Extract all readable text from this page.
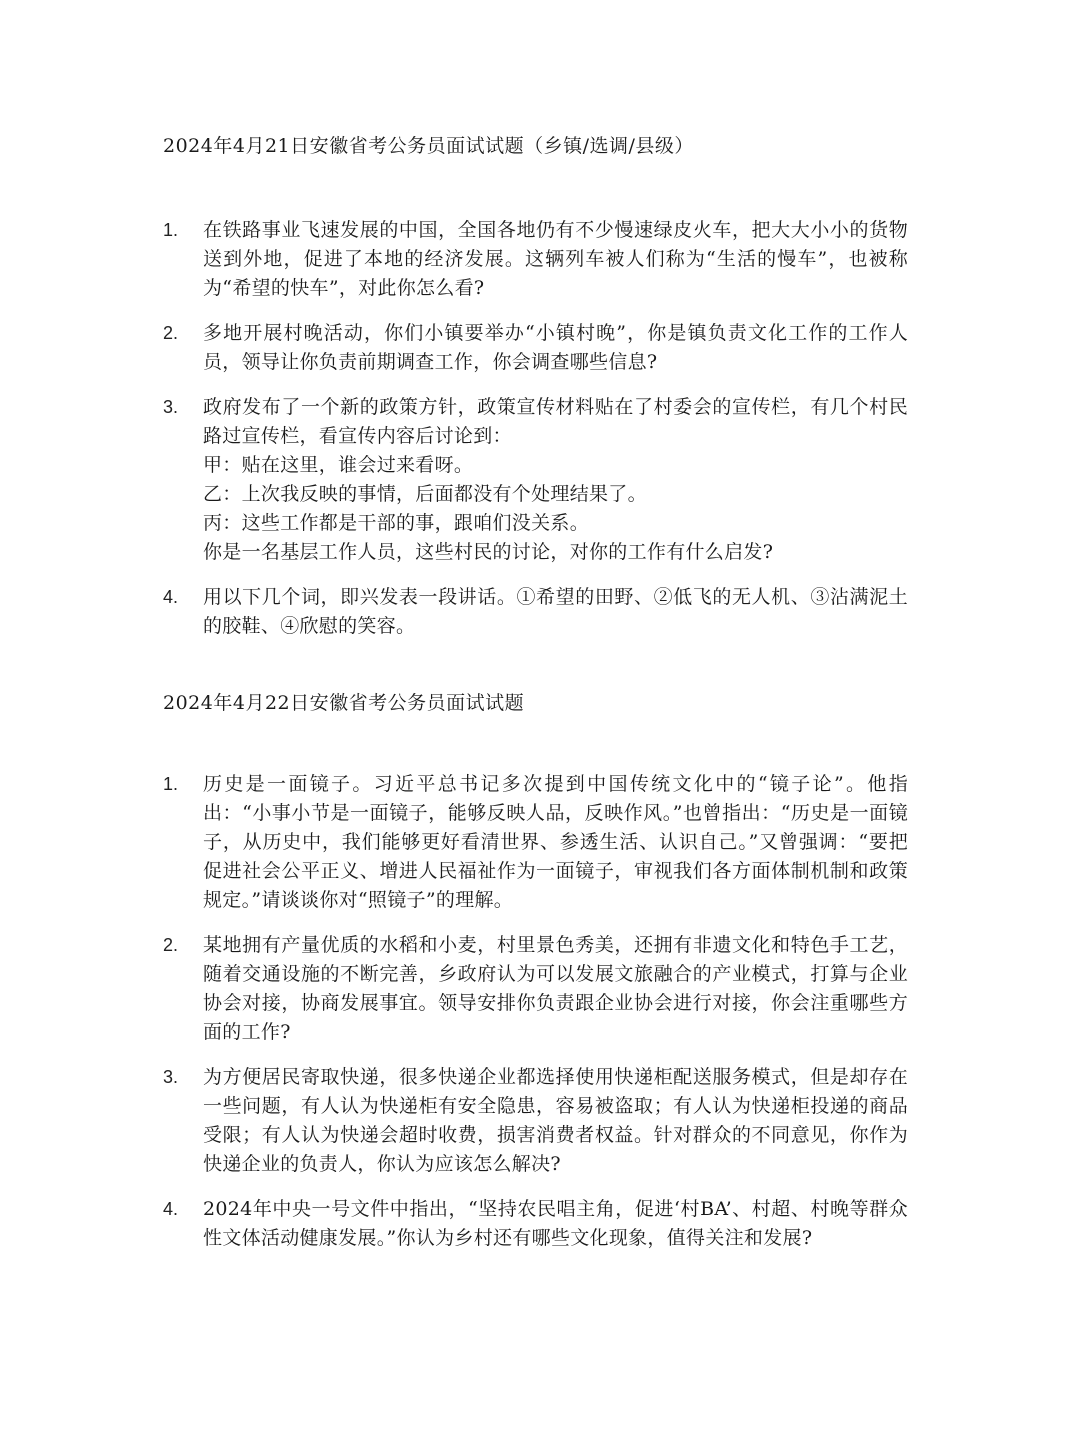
2024年4月21日安徽省考公务员面试试题（乡镇/选调/县级）
1.	在铁路事业飞速发展的中国，全国各地仍有不少慢速绿皮火车，把大大小小的货物送到外地，促进了本地的经济发展。这辆列车被人们称为“生活的慢车”，也被称为“希望的快车”，对此你怎么看?
2.	多地开展村晚活动，你们小镇要举办“小镇村晚”，你是镇负责文化工作的工作人员，领导让你负责前期调查工作，你会调查哪些信息?
3.	政府发布了一个新的政策方针，政策宣传材料贴在了村委会的宣传栏，有几个村民路过宣传栏，看宣传内容后讨论到：
甲：贴在这里，谁会过来看呀。
乙：上次我反映的事情，后面都没有个处理结果了。
丙：这些工作都是干部的事，跟咱们没关系。
你是一名基层工作人员，这些村民的讨论，对你的工作有什么启发?
4.	用以下几个词，即兴发表一段讲话。①希望的田野、②低飞的无人机、③沾满泥土的胶鞋、④欣慰的笑容。
2024年4月22日安徽省考公务员面试试题
1.	历史是一面镜子。习近平总书记多次提到中国传统文化中的“镜子论”。他指出：“小事小节是一面镜子，能够反映人品，反映作风。”也曾指出：“历史是一面镜子，从历史中，我们能够更好看清世界、参透生活、认识自己。”又曾强调：“要把促进社会公平正义、增进人民福祉作为一面镜子，审视我们各方面体制机制和政策规定。”请谈谈你对“照镜子”的理解。
2.	某地拥有产量优质的水稻和小麦，村里景色秀美，还拥有非遗文化和特色手工艺，随着交通设施的不断完善，乡政府认为可以发展文旅融合的产业模式，打算与企业协会对接，协商发展事宜。领导安排你负责跟企业协会进行对接，你会注重哪些方面的工作?
3.	为方便居民寄取快递，很多快递企业都选择使用快递柜配送服务模式，但是却存在一些问题，有人认为快递柜有安全隐患，容易被盗取；有人认为快递柜投递的商品受限；有人认为快递会超时收费，损害消费者权益。针对群众的不同意见，你作为快递企业的负责人，你认为应该怎么解决?
4.	2024年中央一号文件中指出，“坚持农民唱主角，促进‘村BA’、村超、村晚等群众性文体活动健康发展。”你认为乡村还有哪些文化现象，值得关注和发展?
